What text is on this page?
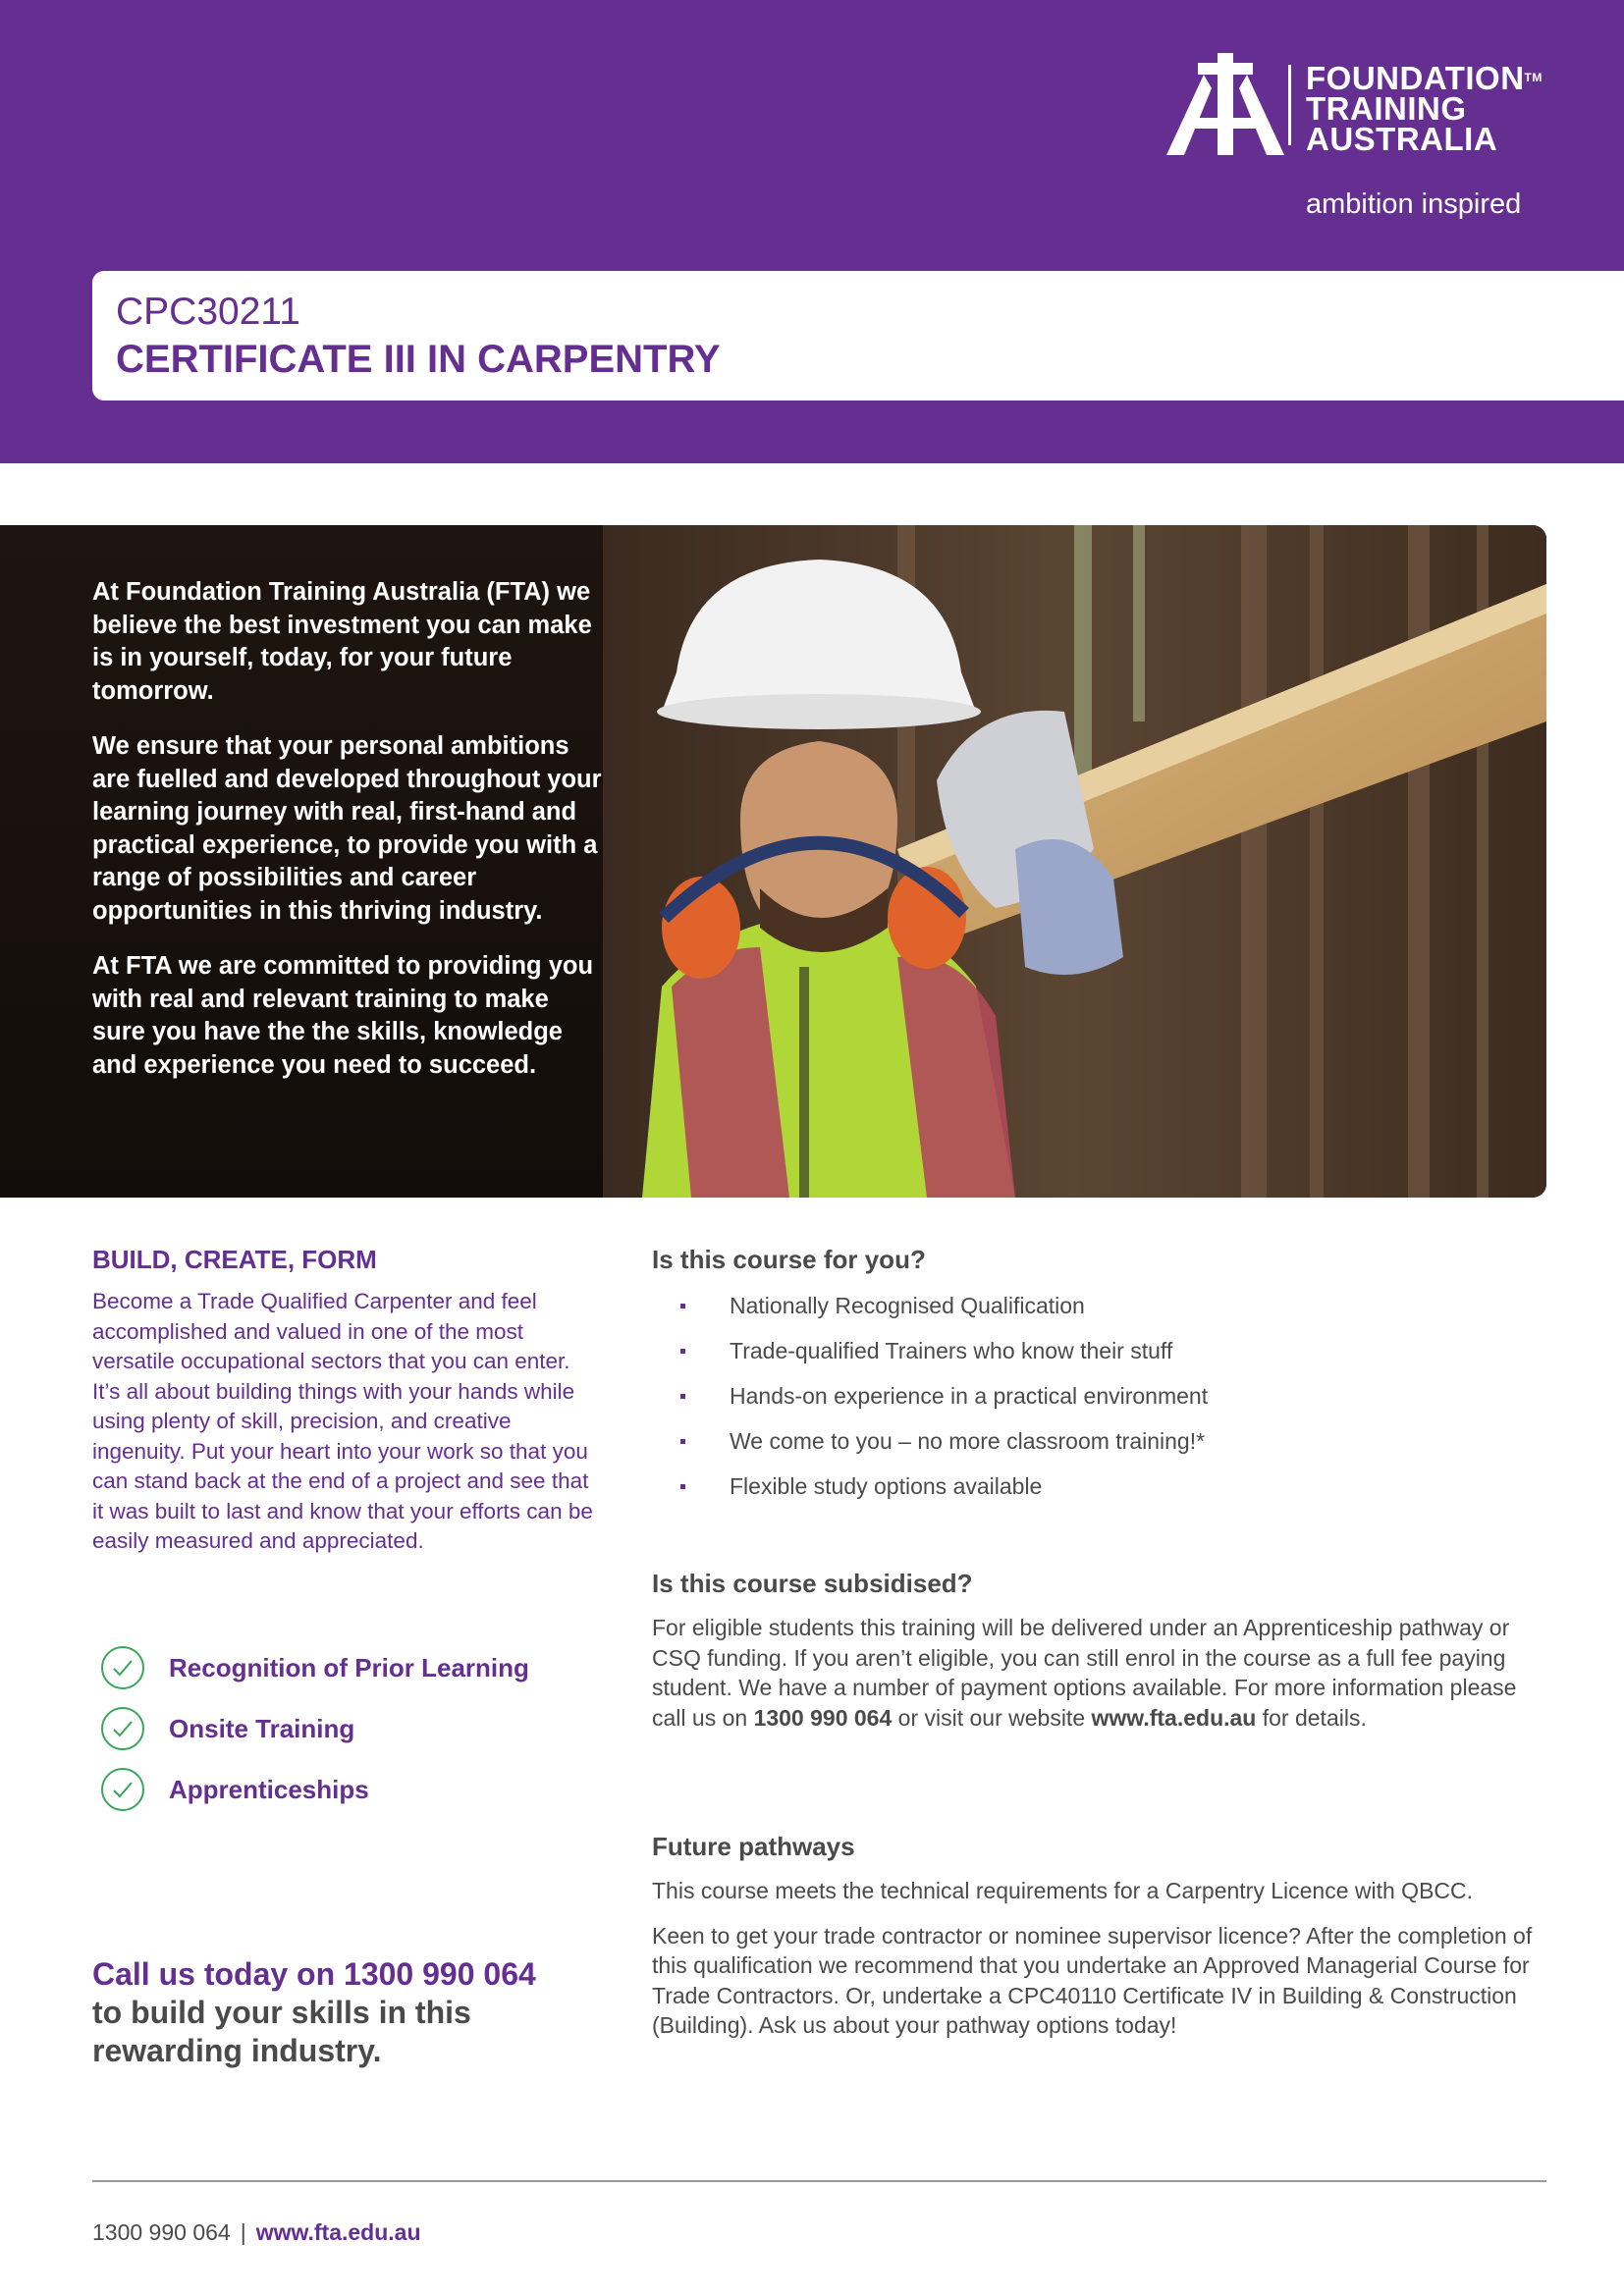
FOUNDATION™
TRAINING
AUSTRALIA
ambition inspired
CPC30211
CERTIFICATE III IN CARPENTRY

At Foundation Training Australia (FTA) we believe the best investment you can make is in yourself, today, for your future tomorrow.

We ensure that your personal ambitions are fuelled and developed throughout your learning journey with real, first-hand and practical experience, to provide you with a range of possibilities and career opportunities in this thriving industry.

At FTA we are committed to providing you with real and relevant training to make sure you have the the skills, knowledge and experience you need to succeed.

BUILD, CREATE, FORM

Become a Trade Qualified Carpenter and feel accomplished and valued in one of the most versatile occupational sectors that you can enter. It’s all about building things with your hands while using plenty of skill, precision, and creative ingenuity. Put your heart into your work so that you can stand back at the end of a project and see that it was built to last and know that your efforts can be easily measured and appreciated.

Recognition of Prior Learning
Onsite Training
Apprenticeships
Call us today on 1300 990 064
to build your skills in this
rewarding industry.
Is this course for you?
Nationally Recognised Qualification
Trade-qualified Trainers who know their stuff
Hands-on experience in a practical environment
We come to you – no more classroom training!*
Flexible study options available
Is this course subsidised?

For eligible students this training will be delivered under an Apprenticeship pathway or CSQ funding. If you aren’t eligible, you can still enrol in the course as a full fee paying student. We have a number of payment options available. For more information please call us on 1300 990 064 or visit our website www.fta.edu.au for details.

Future pathways

This course meets the technical requirements for a Carpentry Licence with QBCC.

Keen to get your trade contractor or nominee supervisor licence? After the completion of this qualification we recommend that you undertake an Approved Managerial Course for Trade Contractors. Or, undertake a CPC40110 Certificate IV in Building & Construction (Building). Ask us about your pathway options today!

1300 990 064 | www.fta.edu.au
